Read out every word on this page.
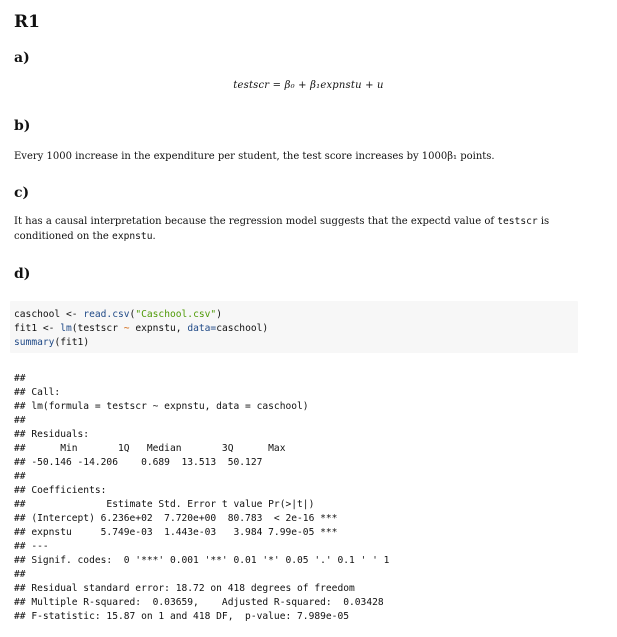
R1
a)
testscr = β₀ + β₁expnstu + u
b)
Every 1000 increase in the expenditure per student, the test score increases by 1000β₁ points.
c)
It has a causal interpretation because the regression model suggests that the expectd value of testscr is conditioned on the expnstu.
d)
caschool <- read.csv("Caschool.csv")
fit1 <- lm(testscr ~ expnstu, data=caschool)
summary(fit1)
##
## Call:
## lm(formula = testscr ~ expnstu, data = caschool)
##
## Residuals:
##      Min       1Q   Median       3Q      Max
## -50.146 -14.206    0.689  13.513  50.127
##
## Coefficients:
##              Estimate Std. Error t value Pr(>|t|)
## (Intercept) 6.236e+02  7.720e+00  80.783  < 2e-16 ***
## expnstu     5.749e-03  1.443e-03   3.984 7.99e-05 ***
## ---
## Signif. codes:  0 '***' 0.001 '**' 0.01 '*' 0.05 '.' 0.1 ' ' 1
##
## Residual standard error: 18.72 on 418 degrees of freedom
## Multiple R-squared:  0.03659,    Adjusted R-squared:  0.03428
## F-statistic: 15.87 on 1 and 418 DF,  p-value: 7.989e-05
